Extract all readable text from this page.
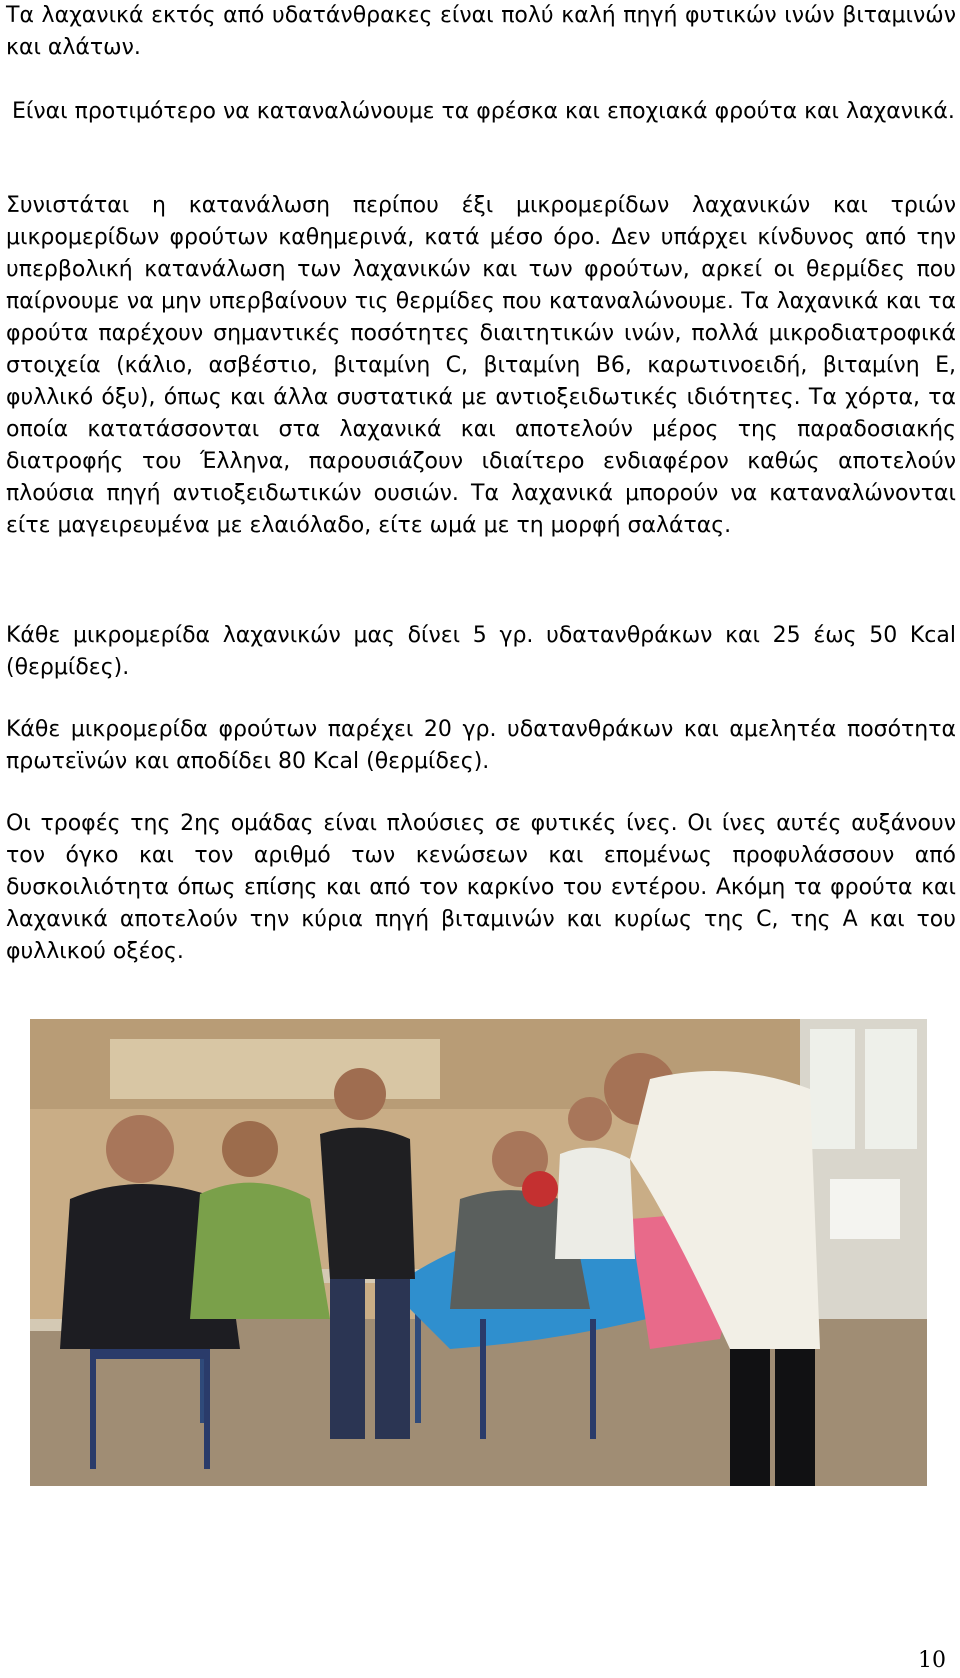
Τα λαχανικά εκτός από υδατάνθρακες είναι πολύ καλή πηγή φυτικών ινών βιταμινών και αλάτων.

Είναι προτιμότερο να καταναλώνουμε τα φρέσκα και εποχιακά φρούτα και λαχανικά.

Συνιστάται η κατανάλωση περίπου έξι μικρομερίδων λαχανικών και τριών μικρομερίδων φρούτων καθημερινά, κατά μέσο όρο. Δεν υπάρχει κίνδυνος από την υπερβολική κατανάλωση των λαχανικών και των φρούτων, αρκεί οι θερμίδες που παίρνουμε να μην υπερβαίνουν τις θερμίδες που καταναλώνουμε. Τα λαχανικά και τα φρούτα παρέχουν σημαντικές ποσότητες διαιτητικών ινών, πολλά μικροδιατροφικά στοιχεία (κάλιο, ασβέστιο, βιταμίνη C, βιταμίνη Β6, καρωτινοειδή, βιταμίνη Ε, φυλλικό όξυ), όπως και άλλα συστατικά με αντιοξειδωτικές ιδιότητες. Τα χόρτα, τα οποία κατατάσσονται στα λαχανικά και αποτελούν μέρος της παραδοσιακής διατροφής του Έλληνα, παρουσιάζουν ιδιαίτερο ενδιαφέρον καθώς αποτελούν πλούσια πηγή αντιοξειδωτικών ουσιών. Τα λαχανικά μπορούν να καταναλώνονται είτε μαγειρευμένα με ελαιόλαδο, είτε ωμά με τη μορφή σαλάτας.

Κάθε μικρομερίδα λαχανικών μας δίνει 5 γρ. υδατανθράκων και 25 έως 50 Kcal (θερμίδες).

Κάθε μικρομερίδα φρούτων παρέχει 20 γρ. υδατανθράκων και αμελητέα ποσότητα πρωτεϊνών και αποδίδει 80 Kcal (θερμίδες).

Οι τροφές της 2ης ομάδας είναι πλούσιες σε φυτικές ίνες. Οι ίνες αυτές αυξάνουν τον όγκο και τον αριθμό των κενώσεων και επομένως προφυλάσσουν από δυσκοιλιότητα όπως επίσης και από τον καρκίνο του εντέρου. Ακόμη τα φρούτα και λαχανικά αποτελούν την κύρια πηγή βιταμινών και κυρίως της C, της Α και του φυλλικού οξέος.

10
